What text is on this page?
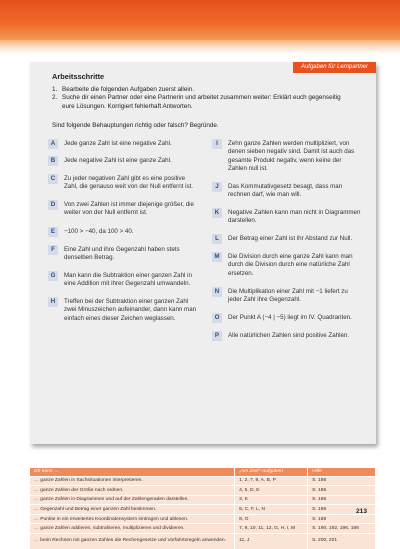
Aufgaben für Lernpartner
Arbeitsschritte
1. Bearbeite die folgenden Aufgaben zuerst allein.
2. Suche dir einen Partner oder eine Partnerin und arbeitet zusammen weiter: Erklärt euch gegenseitig eure Lösungen. Korrigiert fehlerhaft Antworten.
Sind folgende Behauptungen richtig oder falsch? Begründe.
A	Jede ganze Zahl ist eine negative Zahl.
B	Jede negative Zahl ist eine ganze Zahl.
C	Zu jeder negativen Zahl gibt es eine positive Zahl, die genauso weit von der Null entfernt ist.
D	Von zwei Zahlen ist immer diejenige größer, die weiter von der Null entfernt ist.
E	−100 > −40, da 100 > 40.
F	Eine Zahl und ihre Gegenzahl haben stets denselben Betrag.
G	Man kann die Subtraktion einer ganzen Zahl in eine Addition mit ihrer Gegenzahl umwandeln.
H	Treffen bei der Subtraktion einer ganzen Zahl zwei Minuszeichen aufeinander, dann kann man einfach eines dieser Zeichen weglassen.
I	Zehn ganze Zahlen werden multipliziert, von denen sieben negativ sind. Damit ist auch das gesamte Produkt negativ, wenn keine der Zahlen null ist.
J	Das Kommutativgesetz besagt, dass man rechnen darf, wie man will.
K	Negative Zahlen kann man nicht in Diagrammen darstellen.
L	Der Betrag einer Zahl ist ihr Abstand zur Null.
M	Die Division durch eine ganze Zahl kann man durch die Division durch eine natürliche Zahl ersetzen.
N	Die Multiplikation einer Zahl mit −1 liefert zu jeder Zahl ihre Gegenzahl.
O	Der Punkt A (−4 | −5) liegt im IV. Quadranten.
P	Alle natürlichen Zahlen sind positive Zahlen.
Ich kann …	„Am Ziel!“-Aufgaben	Hilfe
… ganze Zahlen in Sachsituationen interpretieren.	1, 2, 7, 9, A, B, P	S. 186
… ganze Zahlen der Größe nach ordnen.	4, 5, D, E	S. 186
… ganze Zahlen in Diagrammen und auf der Zahlengeraden darstellen.	3, K	S. 186
… Gegenzahl und Betrag einer ganzen Zahl bestimmen.	6, C, F, L, N	S. 186
… Punkte in ein erweitertes Koordinatensystem eintragen und ablesen.	8, O	S. 188
… ganze Zahlen addieren, subtrahieren, multiplizieren und dividieren.	7, 9, 10, 11, 12, G, H, I, M	S. 190, 192, 196, 198
… beim Rechnen mit ganzen Zahlen die Rechengesetze und Vorfahrtsregeln anwenden.	11, J	S. 200, 201
213
